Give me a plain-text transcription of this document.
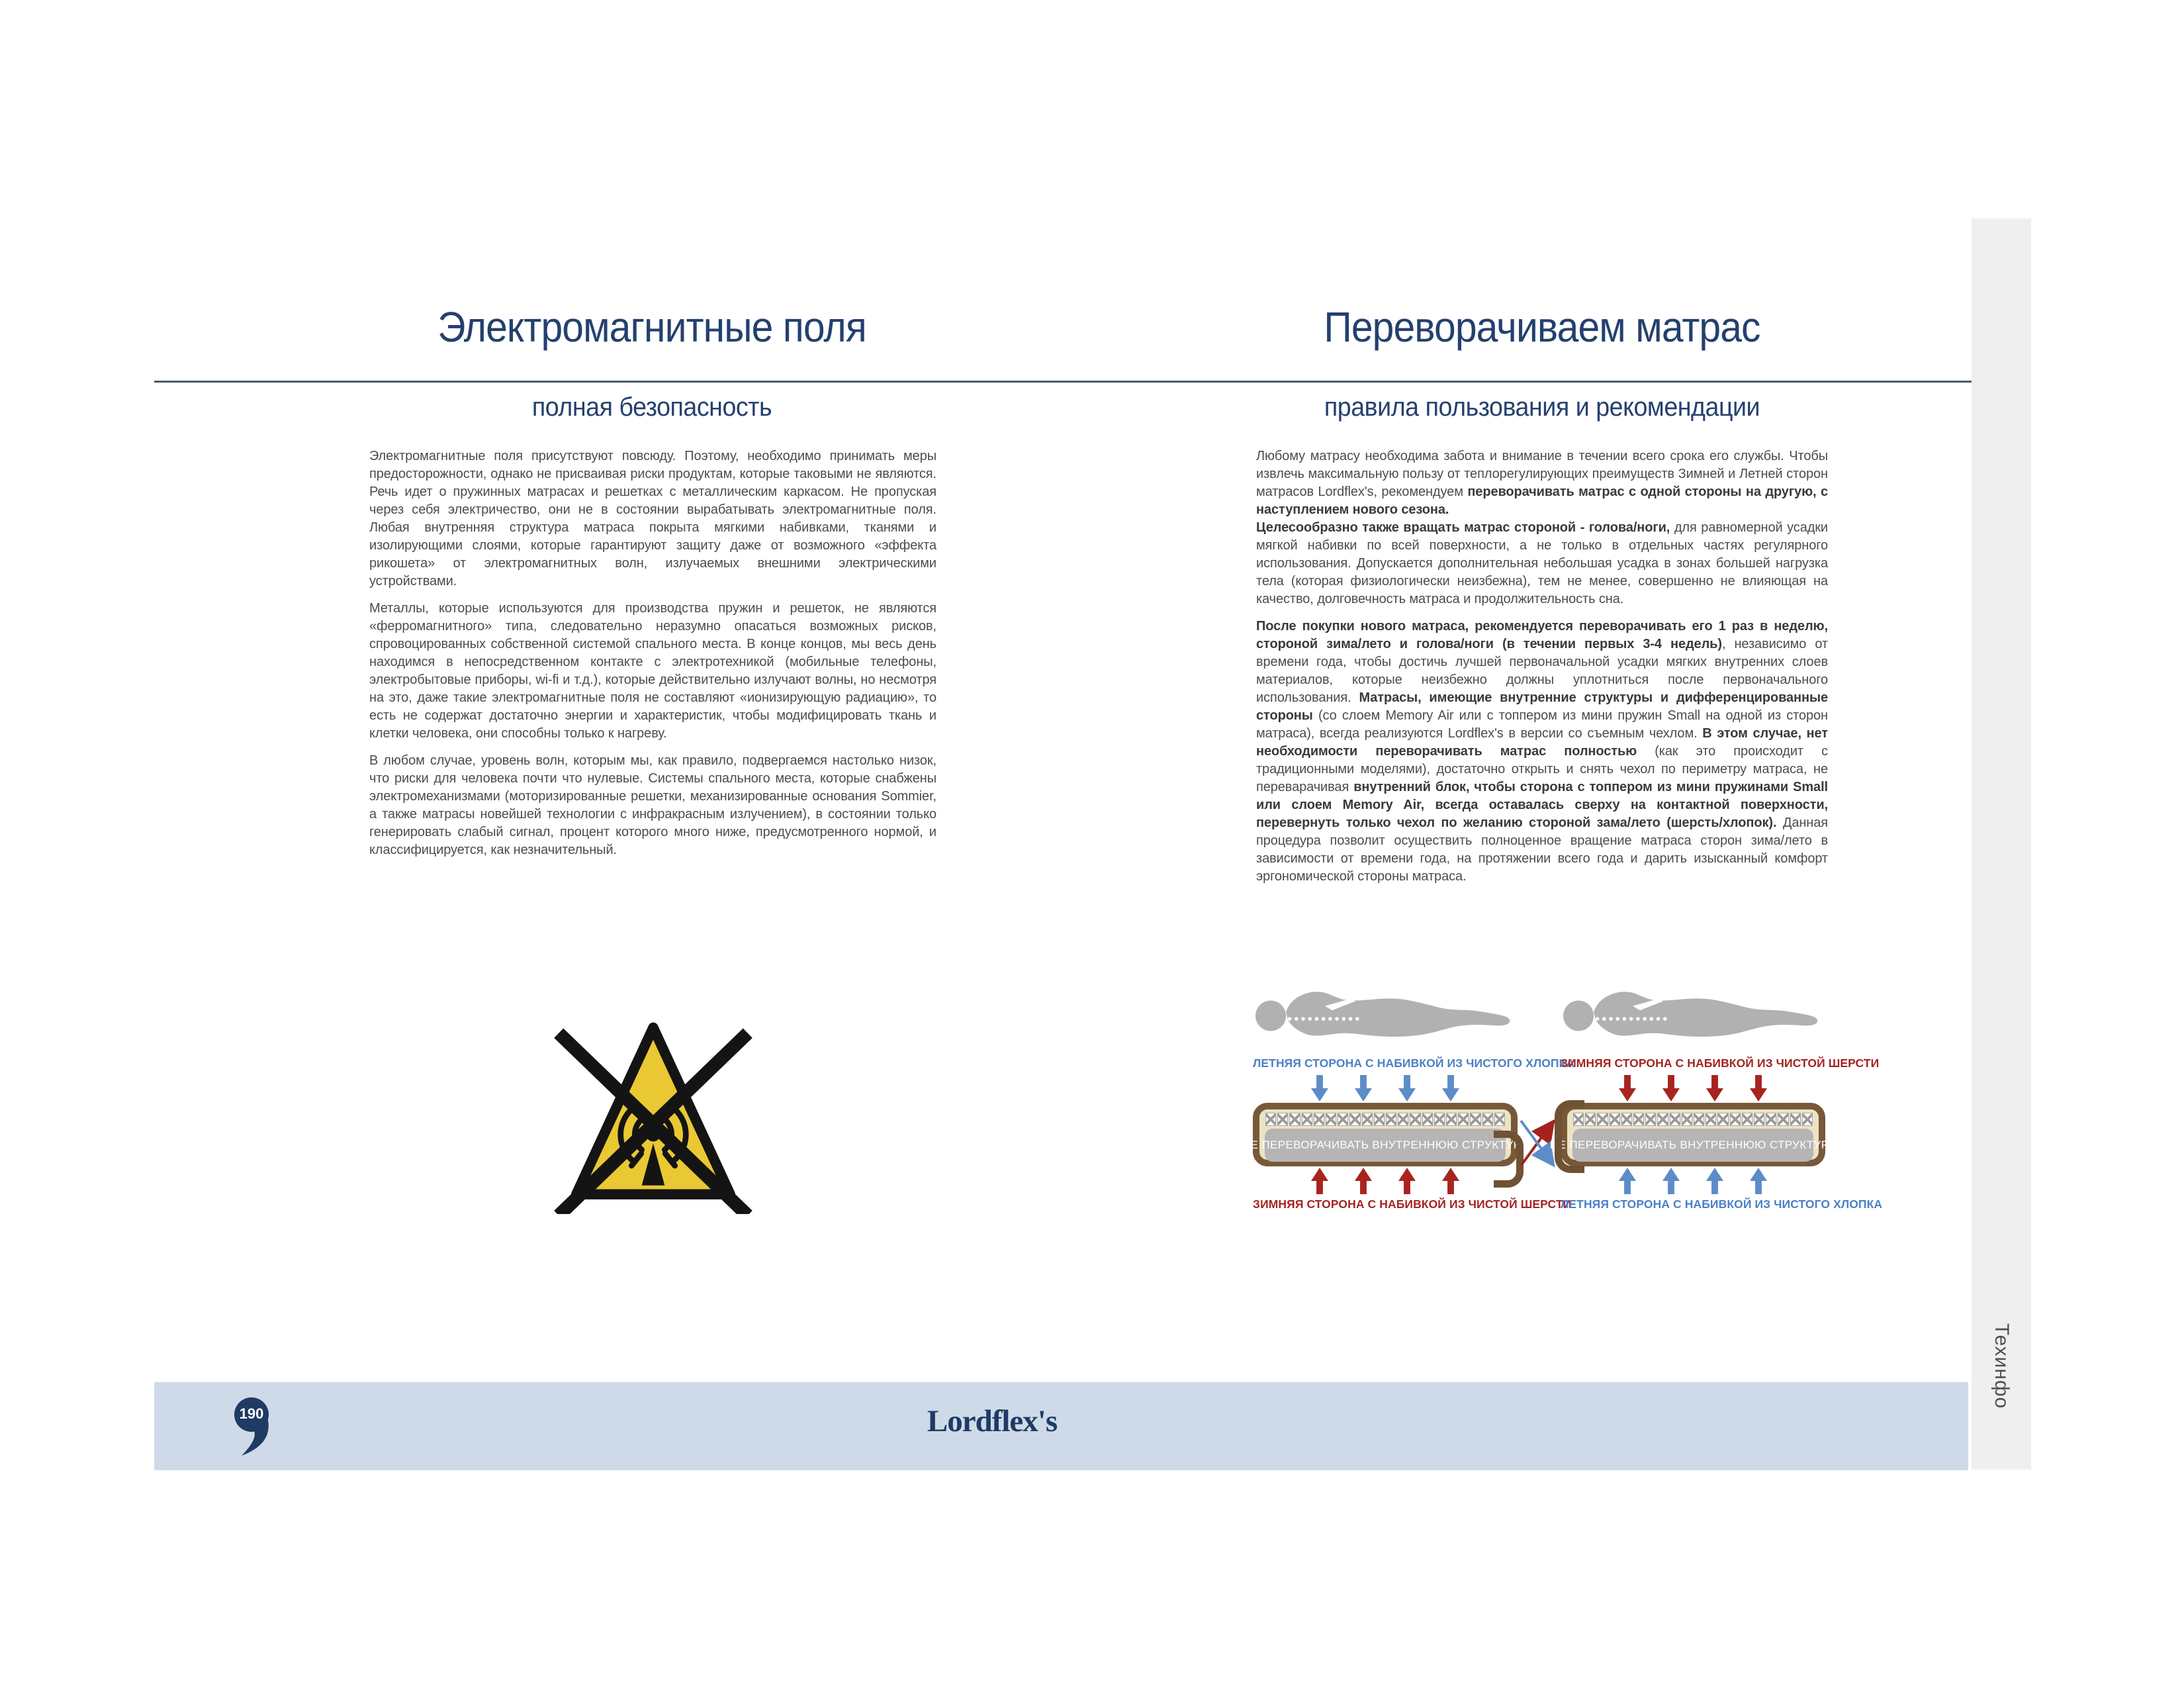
Электромагнитные поля
полная безопасность

Электромагнитные поля присутствуют повсюду. Поэтому, необходимо принимать меры предосторожности, однако не присваивая риски продуктам, которые таковыми не являются. Речь идет о пружинных матрасах и решетках с металлическим каркасом. Не пропуская через себя электричество, они не в состоянии вырабатывать электромагнитные поля. Любая внутренняя структура матраса покрыта мягкими набивками, тканями и изолирующими слоями, которые гарантируют защиту даже от возможного «эффекта рикошета» от электромагнитных волн, излучаемых внешними электрическими устройствами.

Металлы, которые используются для производства пружин и решеток, не являются «ферромагнитного» типа, следовательно неразумно опасаться возможных рисков, спровоцированных собственной системой спального места. В конце концов, мы весь день находимся в непосредственном контакте с электротехникой (мобильные телефоны, электробытовые приборы, wi-fi и т.д.), которые действительно излучают волны, но несмотря на это, даже такие электромагнитные поля не составляют «ионизирующую радиацию», то есть не содержат достаточно энергии и характеристик, чтобы модифицировать ткань и клетки человека, они способны только к нагреву.

В любом случае, уровень волн, которым мы, как правило, подвергаемся настолько низок, что риски для человека почти что нулевые. Системы спального места, которые снабжены электромеханизмами (моторизированные решетки, механизированные основания Sommier, а также матрасы новейшей технологии с инфракрасным излучением), в состоянии только генерировать слабый сигнал, процент которого много ниже, предусмотренного нормой, и классифицируется, как незначительный.

Переворачиваем матрас
правила пользования и рекомендации

Любому матрасу необходима забота и внимание в течении всего срока его службы. Чтобы извлечь максимальную пользу от теплорегулирующих преимуществ Зимней и Летней сторон матрасов Lordflex's, рекомендуем переворачивать матрас с одной стороны на другую, с наступлением нового сезона.
Целесообразно также вращать матрас стороной - голова/ноги, для равномерной усадки мягкой набивки по всей поверхности, а не только в отдельных частях регулярного использования. Допускается дополнительная небольшая усадка в зонах большей нагрузка тела (которая физиологически неизбежна), тем не менее, совершенно не влияющая на качество, долговечность матраса и продолжительность сна.

После покупки нового матраса, рекомендуется переворачивать его 1 раз в неделю, стороной зима/лето и голова/ноги (в течении первых 3-4 недель), независимо от времени года, чтобы достичь лучшей первоначальной усадки мягких внутренних слоев материалов, которые неизбежно должны уплотниться после первоначального использования. Матрасы, имеющие внутренние структуры и дифференцированные стороны (со слоем Memory Air или с топпером из мини пружин Small на одной из сторон матраса), всегда реализуются Lordflex's в версии со съемным чехлом. В этом случае, нет необходимости переворачивать матрас полностью (как это происходит с традиционными моделями), достаточно открыть и снять чехол по периметру матраса, не переварачивая внутренний блок, чтобы сторона с топпером из мини пружинами Small или слоем Memory Air, всегда оставалась сверху на контактной поверхности, перевернуть только чехол по желанию стороной зама/лето (шерсть/хлопок). Данная процедура позволит осуществить полноценное вращение матраса сторон зима/лето в зависимости от времени года, на протяжении всего года и дарить изысканный комфорт эргономической стороны матраса.

ЛЕТНЯЯ СТОРОНА С НАБИВКОЙ ИЗ ЧИСТОГО ХЛОПКА
НЕ ПЕРЕВОРАЧИВАТЬ ВНУТРЕННЮЮ СТРУКТУРУ
ЗИМНЯЯ СТОРОНА С НАБИВКОЙ ИЗ ЧИСТОЙ ШЕРСТИ
ЗИМНЯЯ СТОРОНА С НАБИВКОЙ ИЗ ЧИСТОЙ ШЕРСТИ
НЕ ПЕРЕВОРАЧИВАТЬ ВНУТРЕННЮЮ СТРУКТУРУ
ЛЕТНЯЯ СТОРОНА С НАБИВКОЙ ИЗ ЧИСТОГО ХЛОПКА
190	Lordflex's
Техинфо
